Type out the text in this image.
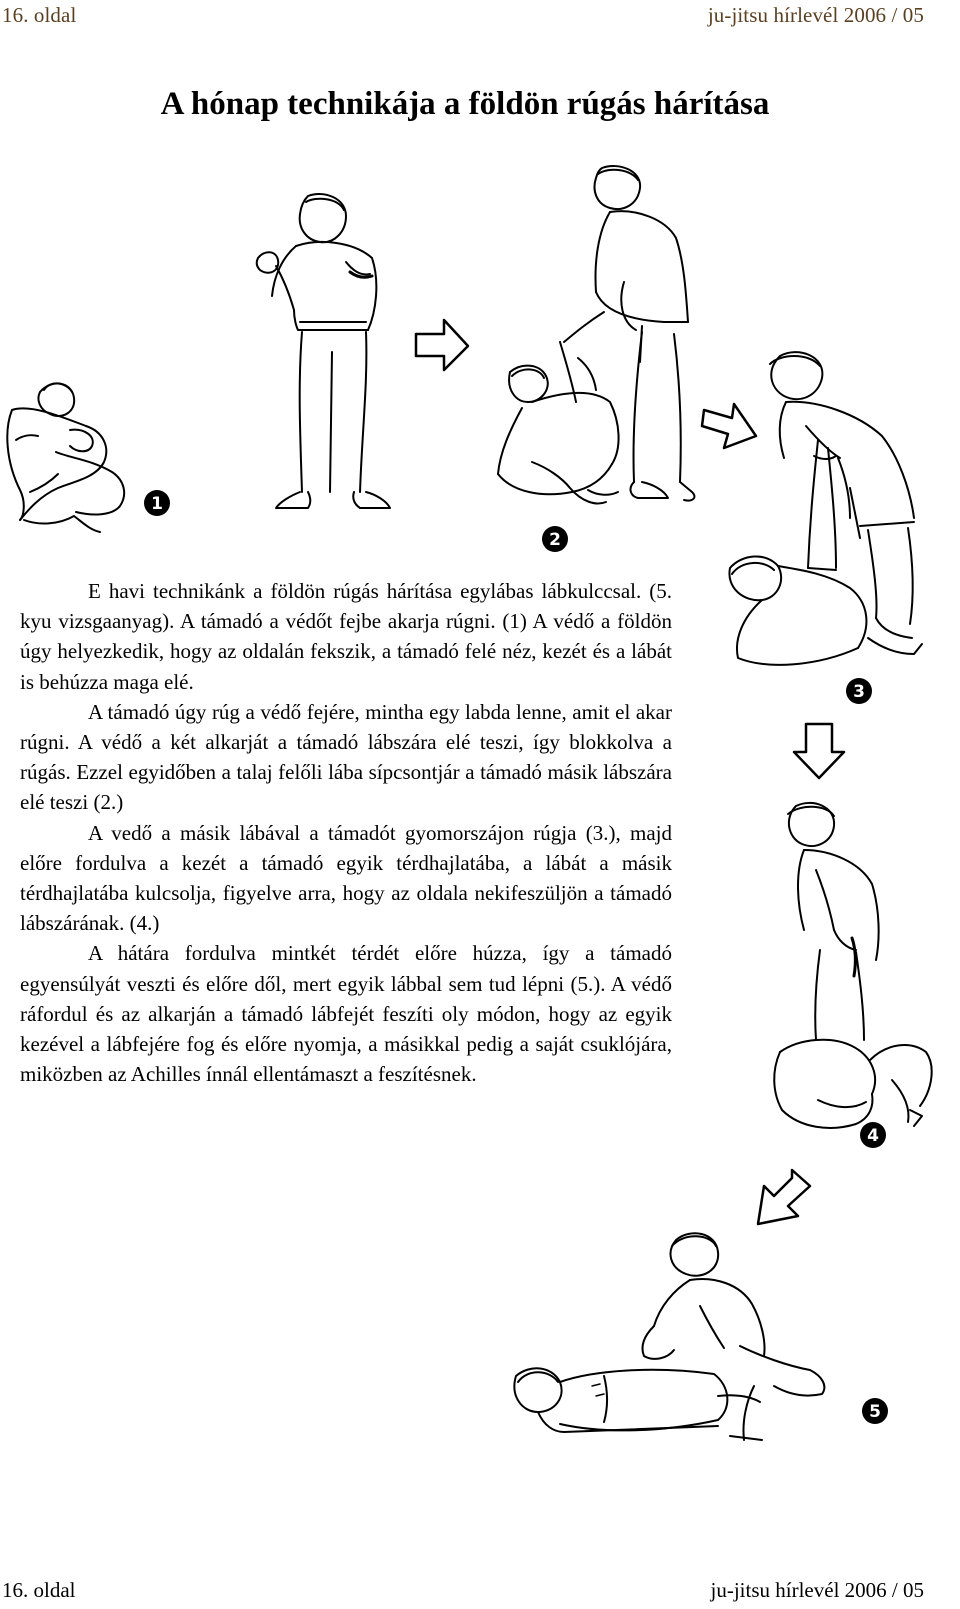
16. oldal	ju-jitsu hírlevél 2006 / 05
A hónap technikája a földön rúgás hárítása
1
2
3
4
5

E havi technikánk a földön rúgás hárítása egylábas lábkulccsal. (5. kyu vizsgaanyag). A támadó a védőt fejbe akarja rúgni. (1) A védő a földön úgy helyezkedik, hogy az oldalán fekszik, a támadó felé néz, kezét és a lábát is behúzza maga elé.

A támadó úgy rúg a védő fejére, mintha egy labda lenne, amit el akar rúgni. A védő a két alkarját a támadó lábszára elé teszi, így blokkolva a rúgás. Ezzel egyidőben a talaj felőli lába sípcsontjár a támadó másik lábszára elé teszi (2.)

A vedő a másik lábával a támadót gyomorszájon rúgja (3.), majd előre fordulva a kezét a támadó egyik térdhajlatába, a lábát a másik térdhajlatába kulcsolja, figyelve arra, hogy az oldala nekifeszüljön a támadó lábszárának. (4.)

A hátára fordulva mintkét térdét előre húzza, így a támadó egyensúlyát veszti és előre dől, mert egyik lábbal sem tud lépni (5.). A védő ráfordul és az alkarján a támadó lábfejét feszíti oly módon, hogy az egyik kezével a lábfejére fog és előre nyomja, a másikkal pedig a saját csuklójára, miközben az Achilles ínnál ellentámaszt a feszítésnek.

16. oldal	ju-jitsu hírlevél 2006 / 05
